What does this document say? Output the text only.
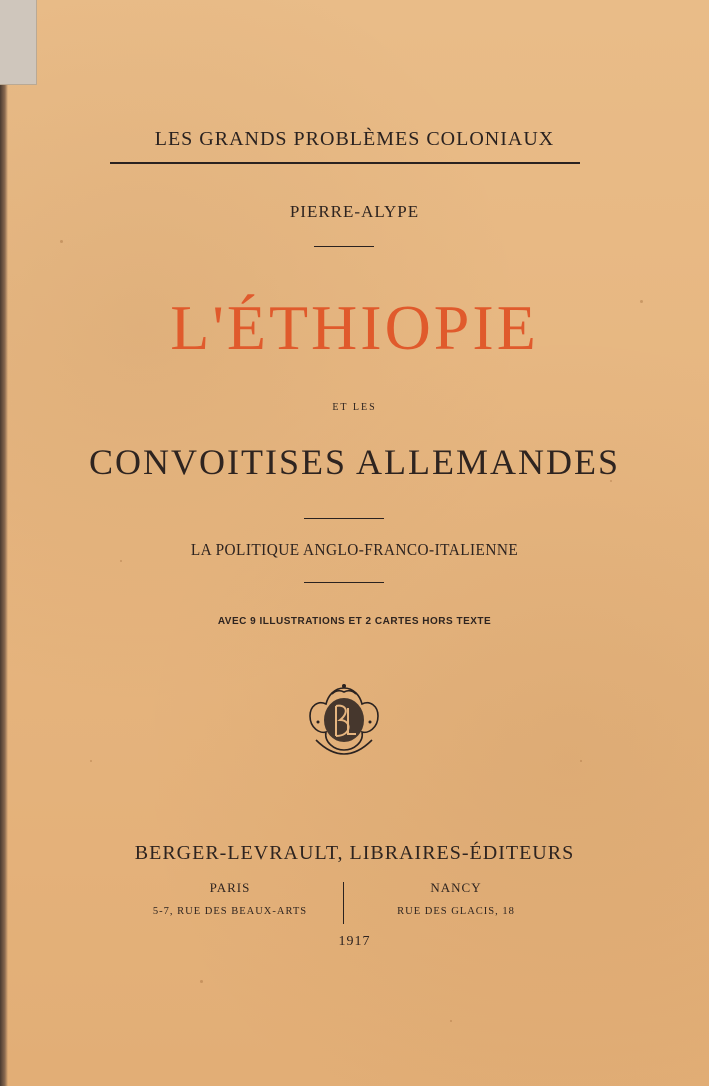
LES GRANDS PROBLÈMES COLONIAUX
PIERRE-ALYPE
L'ÉTHIOPIE
ET LES
CONVOITISES ALLEMANDES
LA POLITIQUE ANGLO-FRANCO-ITALIENNE
AVEC 9 ILLUSTRATIONS ET 2 CARTES HORS TEXTE
BERGER-LEVRAULT, LIBRAIRES-ÉDITEURS
PARIS
5-7, RUE DES BEAUX-ARTS
NANCY
RUE DES GLACIS, 18
1917
